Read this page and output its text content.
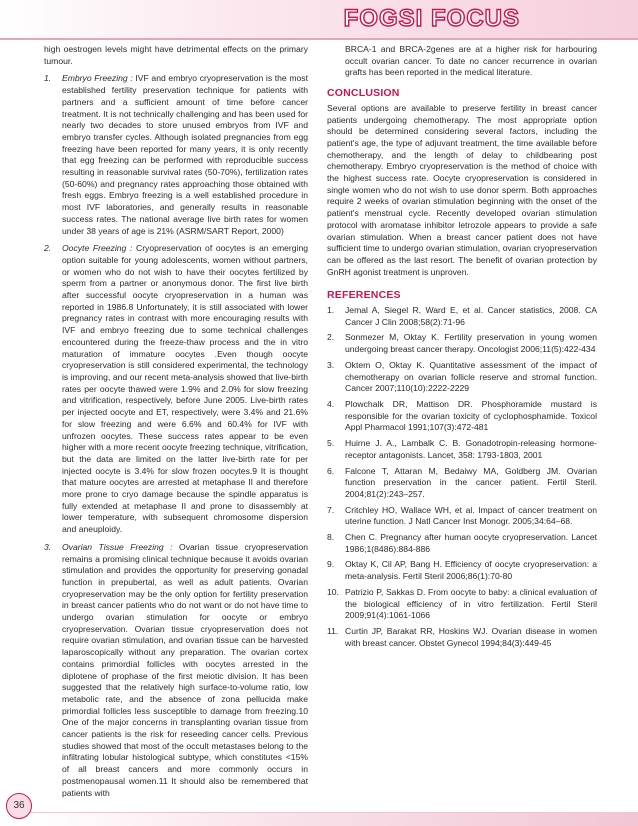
FOGSI FOCUS

high oestrogen levels might have detrimental effects on the primary tumour.

1. Embryo Freezing : IVF and embryo cryopreservation is the most established fertility preservation technique for patients with partners and a sufficient amount of time before cancer treatment. It is not technically challenging and has been used for nearly two decades to store unused embryos from IVF and embryo transfer cycles. Although isolated pregnancies from egg freezing have been reported for many years, it is only recently that egg freezing can be performed with reproducible success resulting in reasonable survival rates (50-70%), fertilization rates (50-60%) and pregnancy rates approaching those obtained with fresh eggs. Embryo freezing is a well established procedure in most IVF laboratories, and generally results in reasonable success rates. The national average live birth rates for women under 38 years of age is 21% (ASRM/SART Report, 2000)
2. Oocyte Freezing : Cryopreservation of oocytes is an emerging option suitable for young adolescents, women without partners, or women who do not wish to have their oocytes fertilized by sperm from a partner or anonymous donor. The first live birth after successful oocyte cryopreservation in a human was reported in 1986.8 Unfortunately, it is still associated with lower pregnancy rates in contrast with more encouraging results with IVF and embryo freezing due to some technical challenges encountered during the freeze-thaw process and the in vitro maturation of immature oocytes .Even though oocyte cryopreservation is still considered experimental, the technology is improving, and our recent meta-analysis showed that live-birth rates per oocyte thawed were 1.9% and 2.0% for slow freezing and vitrification, respectively, before June 2005. Live-birth rates per injected oocyte and ET, respectively, were 3.4% and 21.6% for slow freezing and were 6.6% and 60.4% for IVF with unfrozen oocytes. These success rates appear to be even higher with a more recent oocyte freezing technique, vitrification, but the data are limited on the latter live-birth rate for per injected oocyte is 3.4% for slow frozen oocytes.9 It is thought that mature oocytes are arrested at metaphase II and therefore more prone to cryo damage because the spindle apparatus is fully extended at metaphase II and prone to disassembly at lower temperature, with subsequent chromosome dispersion and aneuploidy.
3. Ovarian Tissue Freezing : Ovarian tissue cryopreservation remains a promising clinical technique because it avoids ovarian stimulation and provides the opportunity for preserving gonadal function in prepubertal, as well as adult patients. Ovarian cryopreservation may be the only option for fertility preservation in breast cancer patients who do not want or do not have time to undergo ovarian stimulation for oocyte or embryo cryopreservation. Ovarian tissue cryopreservation does not require ovarian stimulation, and ovarian tissue can be harvested laparoscopically without any preparation. The ovarian cortex contains primordial follicles with oocytes arrested in the diplotene of prophase of the first meiotic division. It has been suggested that the relatively high surface-to-volume ratio, low metabolic rate, and the absence of zona pellucida make primordial follicles less susceptible to damage from freezing.10 One of the major concerns in transplanting ovarian tissue from cancer patients is the risk for reseeding cancer cells. Previous studies showed that most of the occult metastases belong to the infiltrating lobular histological subtype, which constitutes <15% of all breast cancers and more commonly occurs in postmenopausal women.11 It should also be remembered that patients with

BRCA-1 and BRCA-2genes are at a higher risk for harbouring occult ovarian cancer. To date no cancer recurrence in ovarian grafts has been reported in the medical literature.

CONCLUSION

Several options are available to preserve fertility in breast cancer patients undergoing chemotherapy. The most appropriate option should be determined considering several factors, including the patient's age, the type of adjuvant treatment, the time available before chemotherapy, and the length of delay to childbearing post chemotherapy. Embryo cryopreservation is the method of choice with the highest success rate. Oocyte cryopreservation is considered in single women who do not wish to use donor sperm. Both approaches require 2 weeks of ovarian stimulation beginning with the onset of the patient's menstrual cycle. Recently developed ovarian stimulation protocol with aromatase inhibitor letrozole appears to provide a safe ovarian stimulation. When a breast cancer patient does not have sufficient time to undergo ovarian stimulation, ovarian cryopreservation can be offered as the last resort. The benefit of ovarian protection by GnRH agonist treatment is unproven.

REFERENCES
1. Jemal A, Siegel R, Ward E, et al. Cancer statistics, 2008. CA Cancer J Clin 2008;58(2):71-96
2. Sonmezer M, Oktay K. Fertility preservation in young women undergoing breast cancer therapy. Oncologist 2006;11(5):422-434
3. Oktem O, Oktay K. Quantitative assessment of the impact of chemotherapy on ovarian follicle reserve and stromal function. Cancer 2007;110(10):2222-2229
4. Plowchalk DR, Mattison DR. Phosphoramide mustard is responsible for the ovarian toxicity of cyclophosphamide. Toxicol Appl Pharmacol 1991;107(3):472-481
5. Huirne J. A., Lambalk C. B. Gonadotropin-releasing hormone-receptor antagonists. Lancet, 358: 1793-1803, 2001
6. Falcone T, Attaran M, Bedaiwy MA, Goldberg JM. Ovarian function preservation in the cancer patient. Fertil Steril. 2004;81(2):243–257.
7. Critchley HO, Wallace WH, et al. Impact of cancer treatment on uterine function. J Natl Cancer Inst Monogr. 2005;34:64–68.
8. Chen C. Pregnancy after human oocyte cryopreservation. Lancet 1986;1(8486):884-886
9. Oktay K, Cil AP, Bang H. Efficiency of oocyte cryopreservation: a meta-analysis. Fertil Steril 2006;86(1):70-80
10. Patrizio P, Sakkas D. From oocyte to baby: a clinical evaluation of the biological efficiency of in vitro fertilization. Fertil Steril 2009;91(4):1061-1066
11. Curtin JP, Barakat RR, Hoskins WJ. Ovarian disease in women with breast cancer. Obstet Gynecol 1994;84(3):449-45
36
